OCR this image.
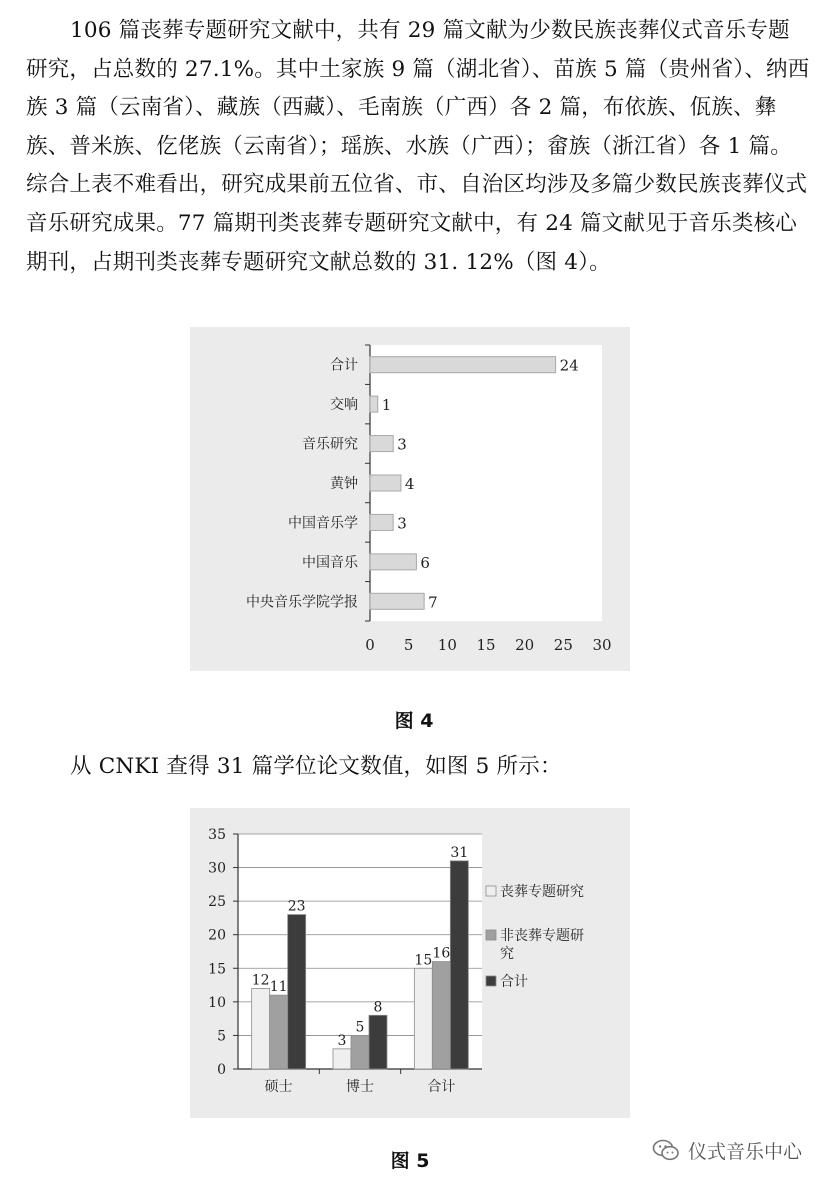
106 篇丧葬专题研究文献中，共有 29 篇文献为少数民族丧葬仪式音乐专题研究，占总数的 27.1%。其中土家族 9 篇（湖北省）、苗族 5 篇（贵州省）、纳西族 3 篇（云南省）、藏族（西藏）、毛南族（广西）各 2 篇，布依族、佤族、彝族、普米族、仡佬族（云南省）；瑶族、水族（广西）；畲族（浙江省）各 1 篇。综合上表不难看出，研究成果前五位省、市、自治区均涉及多篇少数民族丧葬仪式音乐研究成果。77 篇期刊类丧葬专题研究文献中，有 24 篇文献见于音乐类核心期刊，占期刊类丧葬专题研究文献总数的 31. 12%（图 4）。

合计	24
交响 1
音乐研究	3
黄钟	4
中国音乐学	3
中国音乐	6
中央音乐学院学报	7
0 5 10 15 20 25 30
图 4

从 CNKI 查得 31 篇学位论文数值，如图 5 所示：

0
5
10
15
20
25
30
35
12 11
23
硕士
3
5
8
博士
15 16
31
合计
丧葬专题研究
非丧葬专题研究
合计
图 5	仪式音乐中心
